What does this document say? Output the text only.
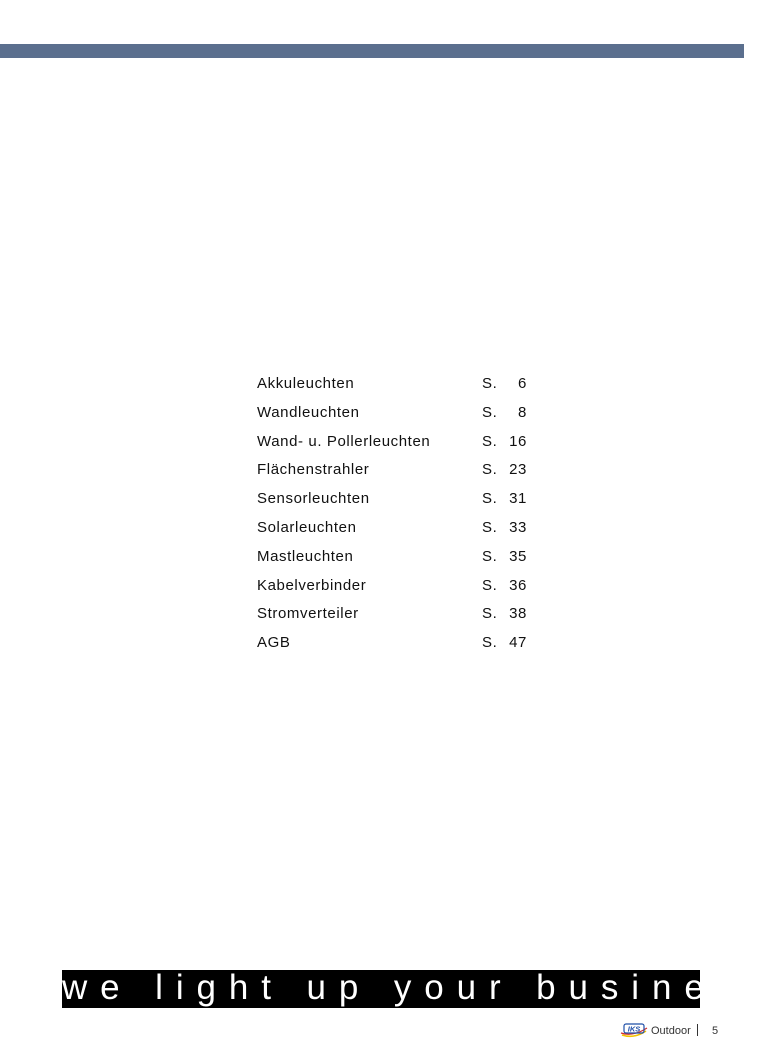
Akkuleuchten	S.	6
Wandleuchten	S.	8
Wand- u. Pollerleuchten	S. 16
Flächenstrahler	S. 23
Sensorleuchten	S. 31
Solarleuchten	S. 33
Mastleuchten	S. 35
Kabelverbinder	S. 36
Stromverteiler	S. 38
AGB	S. 47
we light up your business
IKS Outdoor 5
